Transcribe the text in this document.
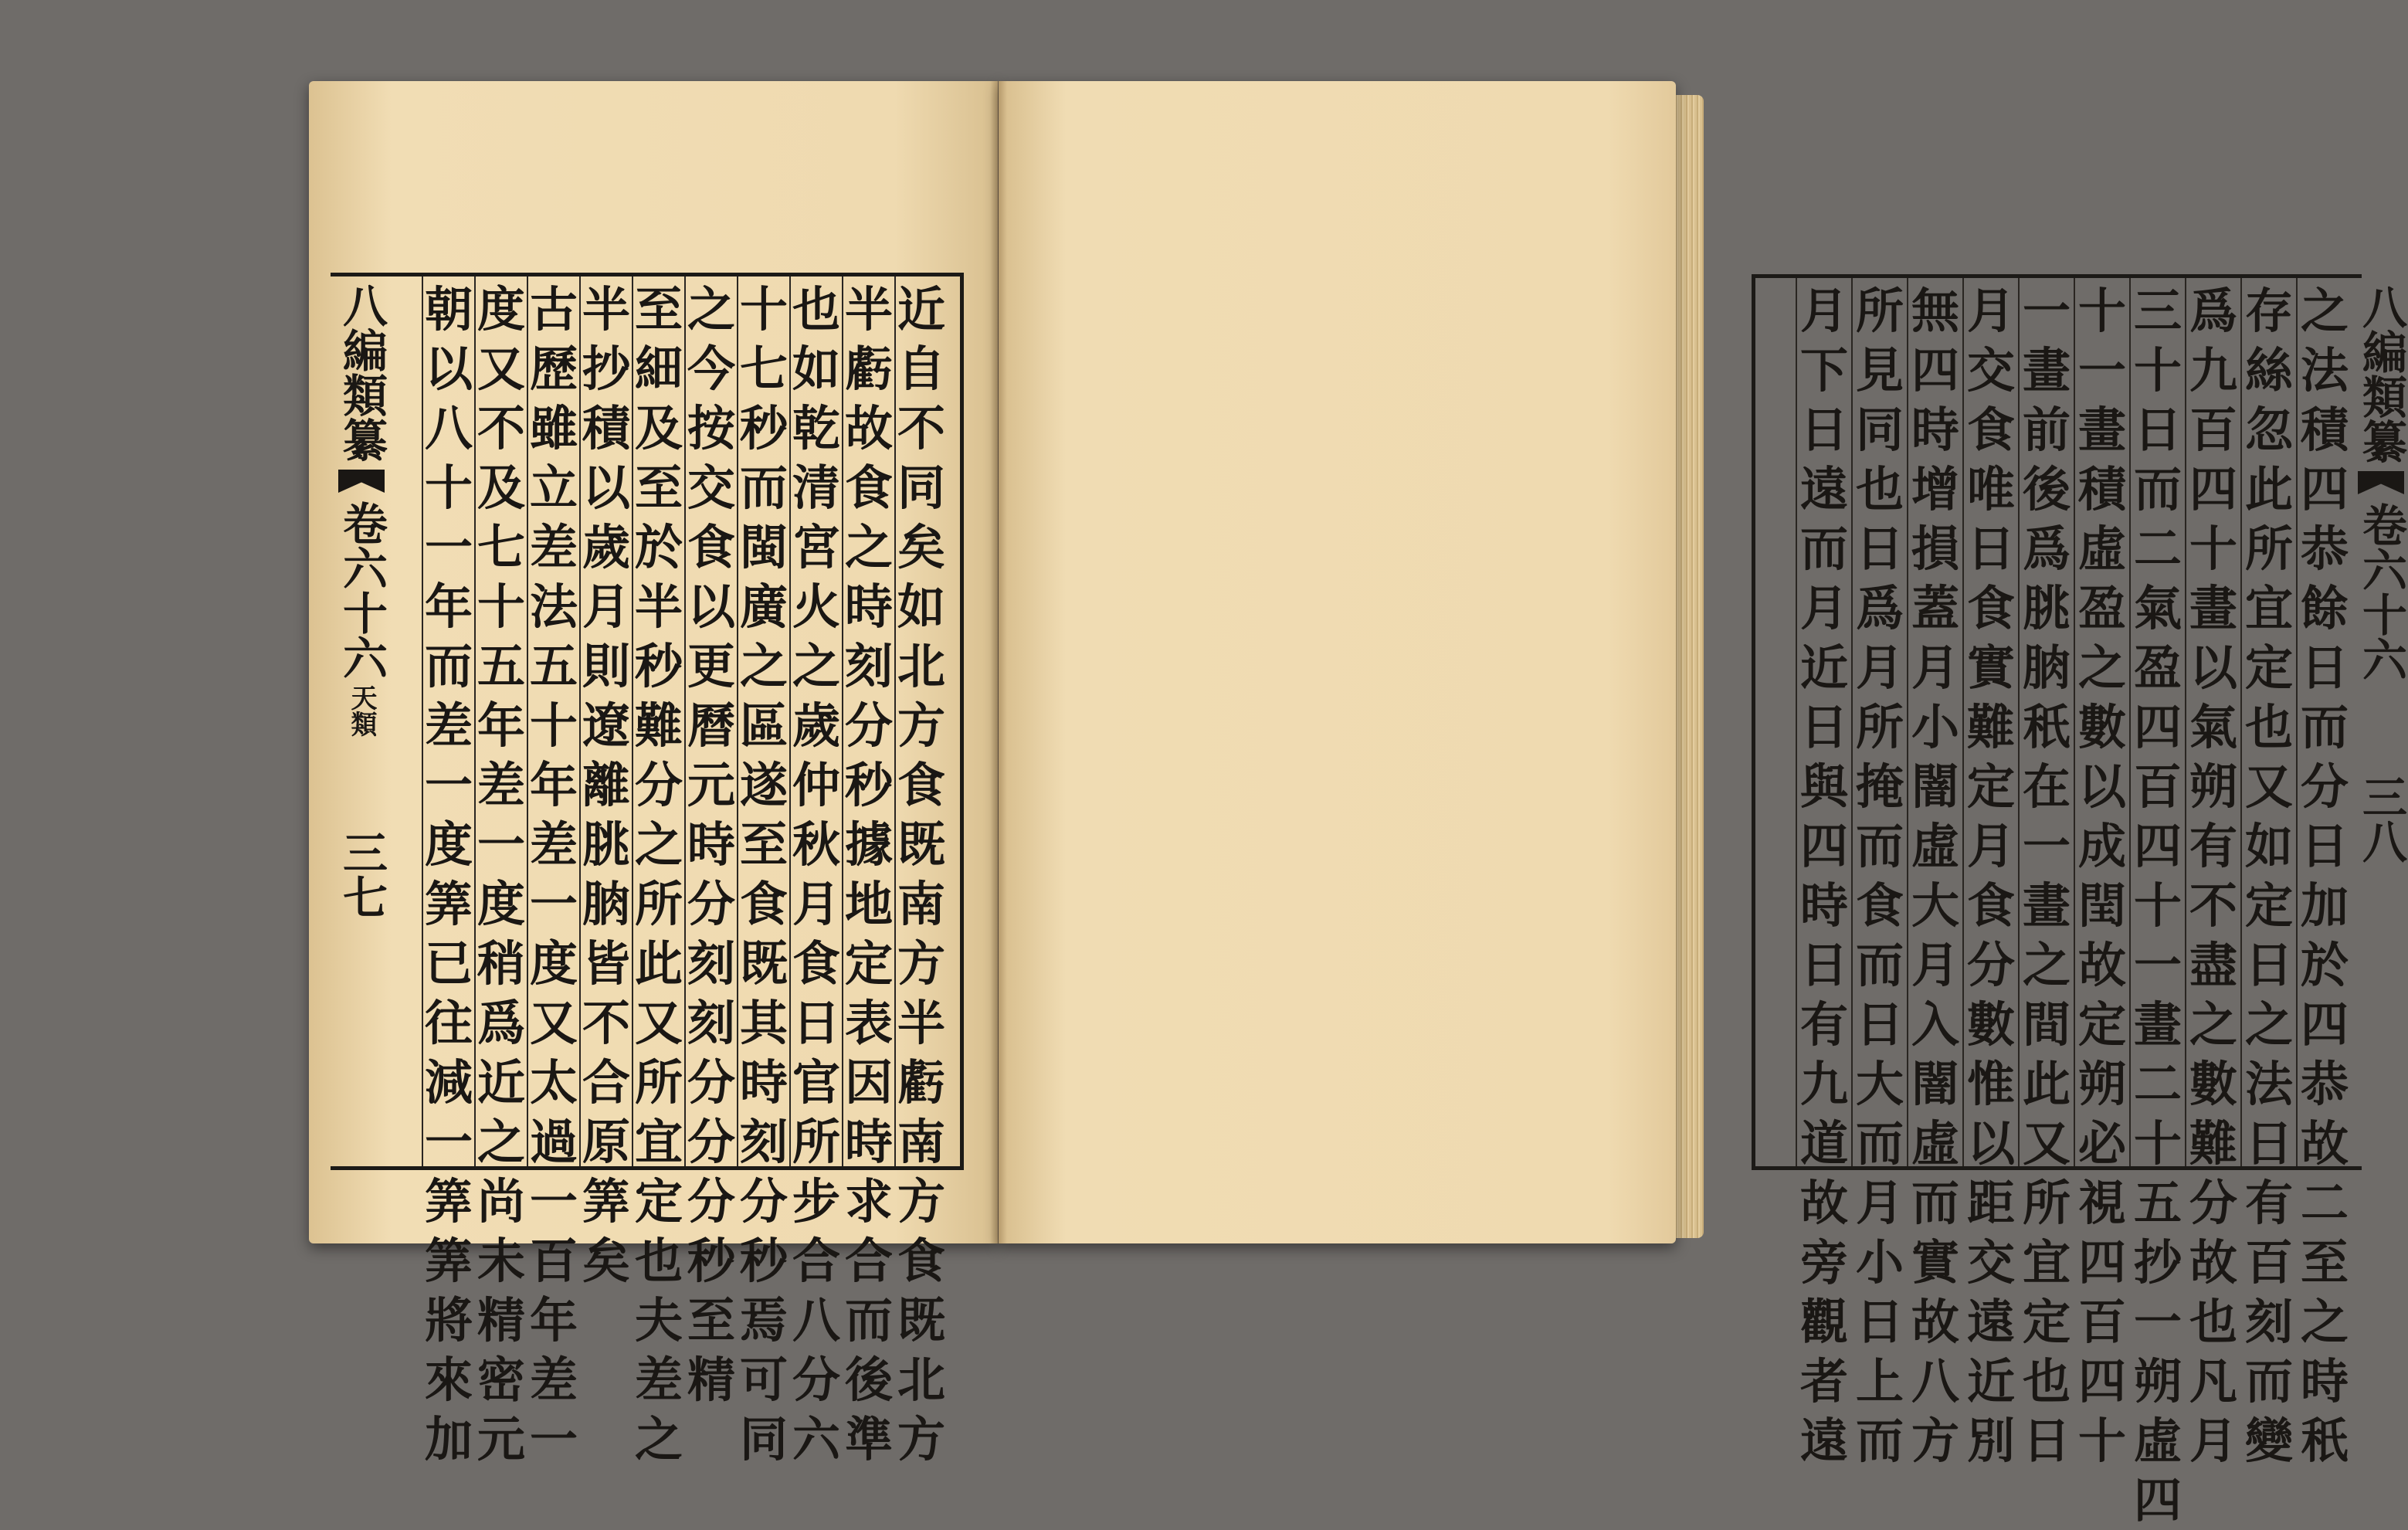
八編類纂
卷六十六
天類
三七
近
自
不
同
矣
如
北
方
食
既
南
方
半
虧
南
方
食
既
北
方
半
虧
故
食
之
時
刻
分
秒
據
地
定
表
因
時
求
合
而
後
準
也
如
乾
清
宮
火
之
歲
仲
秋
月
食
日
官
所
步
合
八
分
六
十
七
秒
而
閩
廣
之
區
遂
至
食
既
其
時
刻
分
秒
焉
可
同
之
今
按
交
食
以
更
曆
元
時
分
刻
刻
分
分
分
秒
至
精
至
細
及
至
於
半
秒
難
分
之
所
此
又
所
宜
定
也
夫
差
之
半
抄
積
以
歲
月
則
遼
離
朓
朒
皆
不
合
原
筭
矣
古
歷
雖
立
差
法
五
十
年
差
一
度
又
太
過
一
百
年
差
一
度
又
不
及
七
十
五
年
差
一
度
稍
爲
近
之
尚
未
精
密
元
朝
以
八
十
一
年
而
差
一
度
筭
已
往
減
一
筭
筭
將
來
加
之
法
積
四
恭
餘
日
而
分
日
加
於
四
恭
故
二
至
之
時
秖
存
絲
忽
此
所
宜
定
也
又
如
定
日
之
法
日
有
百
刻
而
變
爲
九
百
四
十
畫
以
氣
朔
有
不
盡
之
數
難
分
故
也
凡
月
三
十
日
而
二
氣
盈
四
百
四
十
一
畫
二
十
五
抄
一
朔
虛
四
十
一
畫
積
虛
盈
之
數
以
成
閏
故
定
朔
必
視
四
百
四
十
一
畫
前
後
爲
朓
朒
秖
在
一
畫
之
間
此
又
所
宜
定
也
日
月
交
食
唯
日
食
實
難
定
月
食
分
數
惟
以
距
交
遠
近
別
無
四
時
增
損
蓋
月
小
闇
虛
大
月
入
闇
虛
而
實
故
八
方
所
見
同
也
日
爲
月
所
掩
而
食
而
日
大
而
月
小
日
上
而
月
下
日
遠
而
月
近
日
與
四
時
日
有
九
道
故
旁
觀
者
遠
八編類纂
卷六十六
三八
